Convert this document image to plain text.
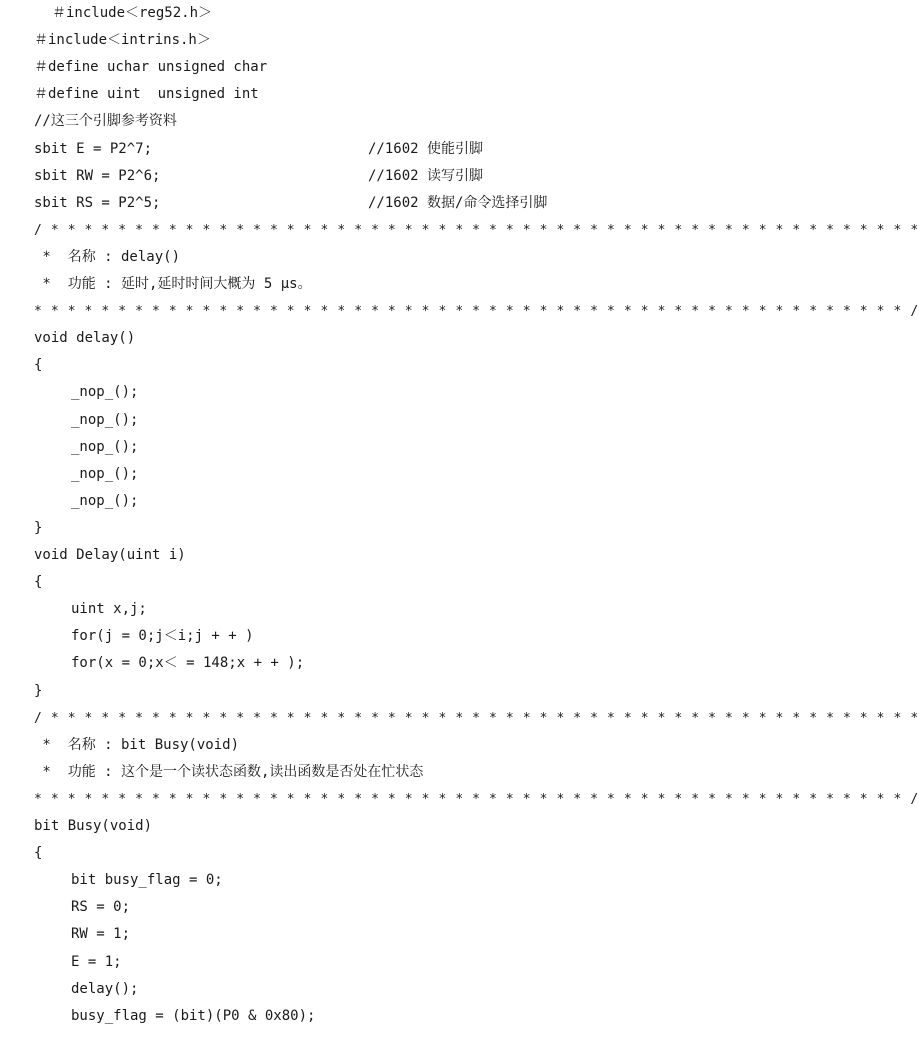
＃include＜reg52.h＞
＃include＜intrins.h＞
＃define uchar unsigned char
＃define uint  unsigned int
//这三个引脚参考资料
sbit E = P2^7;	//1602 使能引脚
sbit RW = P2^6;	//1602 读写引脚
sbit RS = P2^5;	//1602 数据/命令选择引脚
/ * * * * * * * * * * * * * * * * * * * * * * * * * * * * * * * * * * * * * * * * * * * * * * * * * * * *
*  名称 : delay()
*  功能 : 延时,延时时间大概为 5 μs。
* * * * * * * * * * * * * * * * * * * * * * * * * * * * * * * * * * * * * * * * * * * * * * * * * * * * /
void delay()
{
_nop_();
_nop_();
_nop_();
_nop_();
_nop_();
}
void Delay(uint i)
{
uint x,j;
for(j = 0;j＜i;j + + )
for(x = 0;x＜ = 148;x + + );
}
/ * * * * * * * * * * * * * * * * * * * * * * * * * * * * * * * * * * * * * * * * * * * * * * * * * * * *
*  名称 : bit Busy(void)
*  功能 : 这个是一个读状态函数,读出函数是否处在忙状态
* * * * * * * * * * * * * * * * * * * * * * * * * * * * * * * * * * * * * * * * * * * * * * * * * * * * /
bit Busy(void)
{
bit busy_flag = 0;
RS = 0;
RW = 1;
E = 1;
delay();
busy_flag = (bit)(P0 & 0x80);
